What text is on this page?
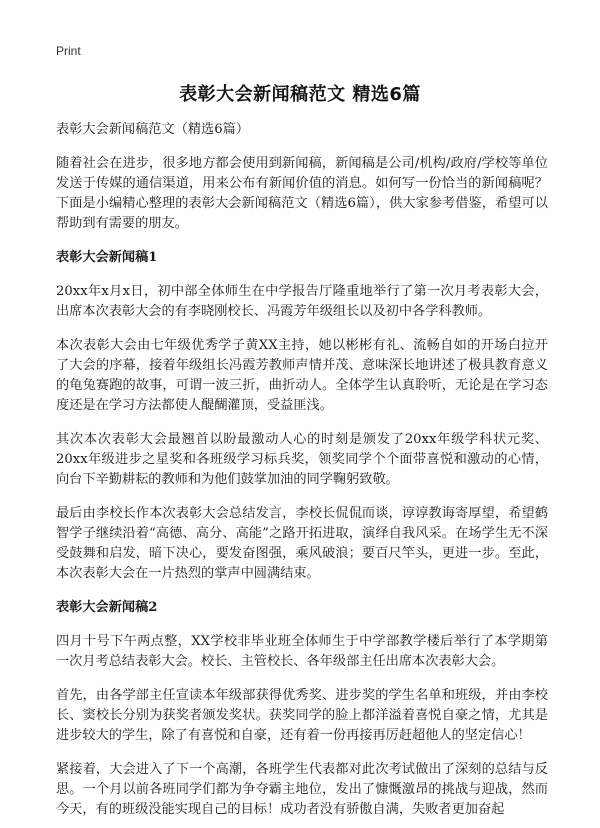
Print
表彰大会新闻稿范文 精选6篇
表彰大会新闻稿范文（精选6篇）

随着社会在进步，很多地方都会使用到新闻稿，新闻稿是公司/机构/政府/学校等单位发送于传媒的通信渠道，用来公布有新闻价值的消息。如何写一份恰当的新闻稿呢？下面是小编精心整理的表彰大会新闻稿范文（精选6篇），供大家参考借鉴，希望可以帮助到有需要的朋友。

表彰大会新闻稿1

20xx年x月x日，初中部全体师生在中学报告厅隆重地举行了第一次月考表彰大会，出席本次表彰大会的有李晓刚校长、冯霞芳年级组长以及初中各学科教师。

本次表彰大会由七年级优秀学子黄XX主持，她以彬彬有礼、流畅自如的开场白拉开了大会的序幕，接着年级组长冯霞芳教师声情并茂、意味深长地讲述了极具教育意义的龟兔赛跑的故事，可谓一波三折，曲折动人。全体学生认真聆听，无论是在学习态度还是在学习方法都使人醍醐灌顶，受益匪浅。

其次本次表彰大会最翘首以盼最激动人心的时刻是颁发了20xx年级学科状元奖、20xx年级进步之星奖和各班级学习标兵奖，领奖同学个个面带喜悦和激动的心情，向台下辛勤耕耘的教师和为他们鼓掌加油的同学鞠躬致敬。

最后由李校长作本次表彰大会总结发言，李校长侃侃而谈，谆谆教诲寄厚望，希望鹤智学子继续沿着“高德、高分、高能”之路开拓进取，演绎自我风采。在场学生无不深受鼓舞和启发，暗下决心，要发奋图强，乘风破浪；要百尺竿头，更进一步。至此，本次表彰大会在一片热烈的掌声中圆满结束。

表彰大会新闻稿2

四月十号下午两点整，XX学校非毕业班全体师生于中学部教学楼后举行了本学期第一次月考总结表彰大会。校长、主管校长、各年级部主任出席本次表彰大会。

首先，由各学部主任宣读本年级部获得优秀奖、进步奖的学生名单和班级，并由李校长、窦校长分别为获奖者颁发奖状。获奖同学的脸上都洋溢着喜悦自豪之情，尤其是进步较大的学生，除了有喜悦和自豪，还有着一份再接再厉赶超他人的坚定信心！

紧接着，大会进入了下一个高潮，各班学生代表都对此次考试做出了深刻的总结与反思。一个月以前各班同学们都为争夺霸主地位，发出了慷慨激昂的挑战与迎战，然而今天，有的班级没能实现自己的目标！成功者没有骄傲自满，失败者更加奋起
